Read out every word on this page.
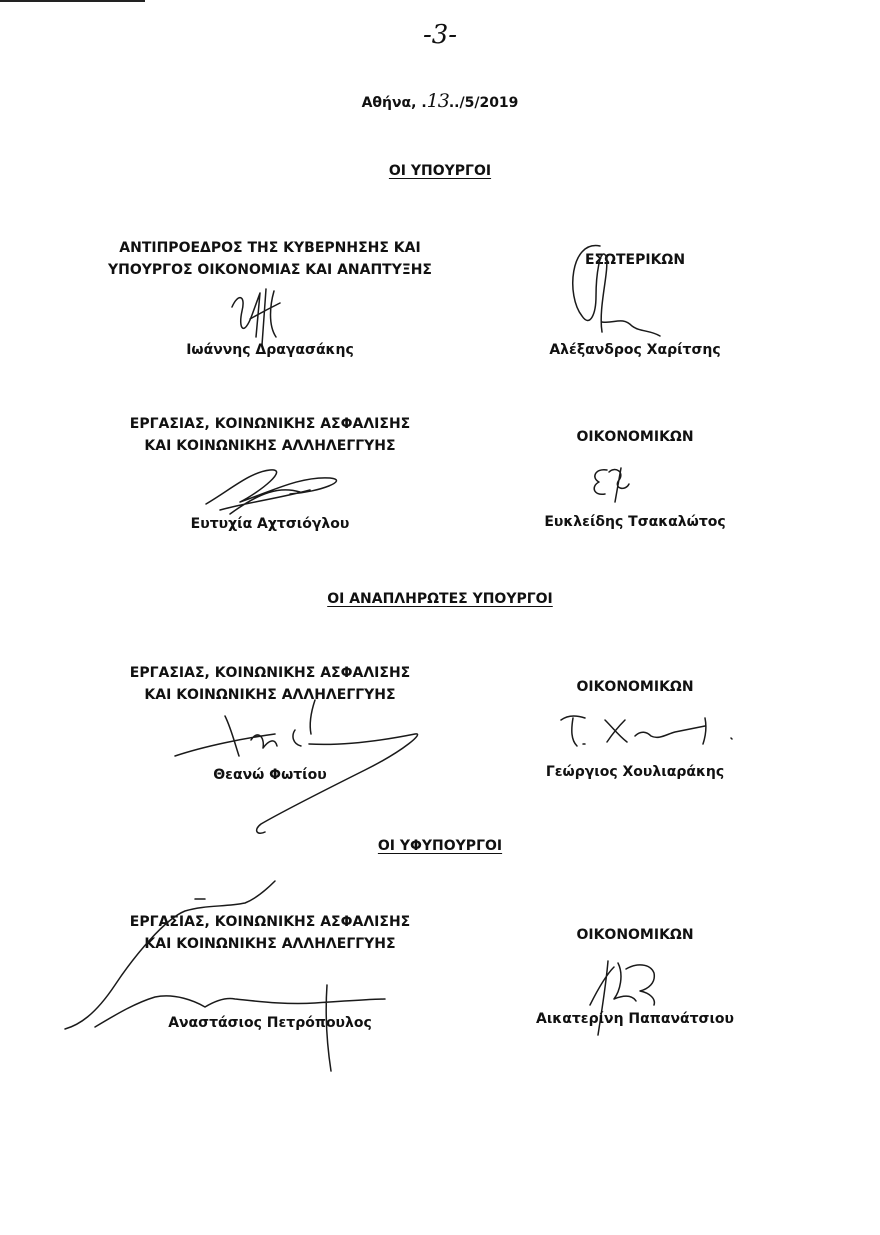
-3-
Αθήνα, .13../5/2019
ΟΙ ΥΠΟΥΡΓΟΙ
ΑΝΤΙΠΡΟΕΔΡΟΣ ΤΗΣ ΚΥΒΕΡΝΗΣΗΣ ΚΑΙ
ΥΠΟΥΡΓΟΣ ΟΙΚΟΝΟΜΙΑΣ ΚΑΙ ΑΝΑΠΤΥΞΗΣ
Ιωάννης Δραγασάκης
ΕΣΩΤΕΡΙΚΩΝ
Αλέξανδρος Χαρίτσης
ΕΡΓΑΣΙΑΣ, ΚΟΙΝΩΝΙΚΗΣ ΑΣΦΑΛΙΣΗΣ
ΚΑΙ ΚΟΙΝΩΝΙΚΗΣ ΑΛΛΗΛΕΓΓΥΗΣ
Ευτυχία Αχτσιόγλου
ΟΙΚΟΝΟΜΙΚΩΝ
Ευκλείδης Τσακαλώτος
ΟΙ ΑΝΑΠΛΗΡΩΤΕΣ ΥΠΟΥΡΓΟΙ
ΕΡΓΑΣΙΑΣ, ΚΟΙΝΩΝΙΚΗΣ ΑΣΦΑΛΙΣΗΣ
ΚΑΙ ΚΟΙΝΩΝΙΚΗΣ ΑΛΛΗΛΕΓΓΥΗΣ
Θεανώ Φωτίου
ΟΙΚΟΝΟΜΙΚΩΝ
Γεώργιος Χουλιαράκης
ΟΙ ΥΦΥΠΟΥΡΓΟΙ
ΕΡΓΑΣΙΑΣ, ΚΟΙΝΩΝΙΚΗΣ ΑΣΦΑΛΙΣΗΣ
ΚΑΙ ΚΟΙΝΩΝΙΚΗΣ ΑΛΛΗΛΕΓΓΥΗΣ
Αναστάσιος Πετρόπουλος
ΟΙΚΟΝΟΜΙΚΩΝ
Αικατερίνη Παπανάτσιου
